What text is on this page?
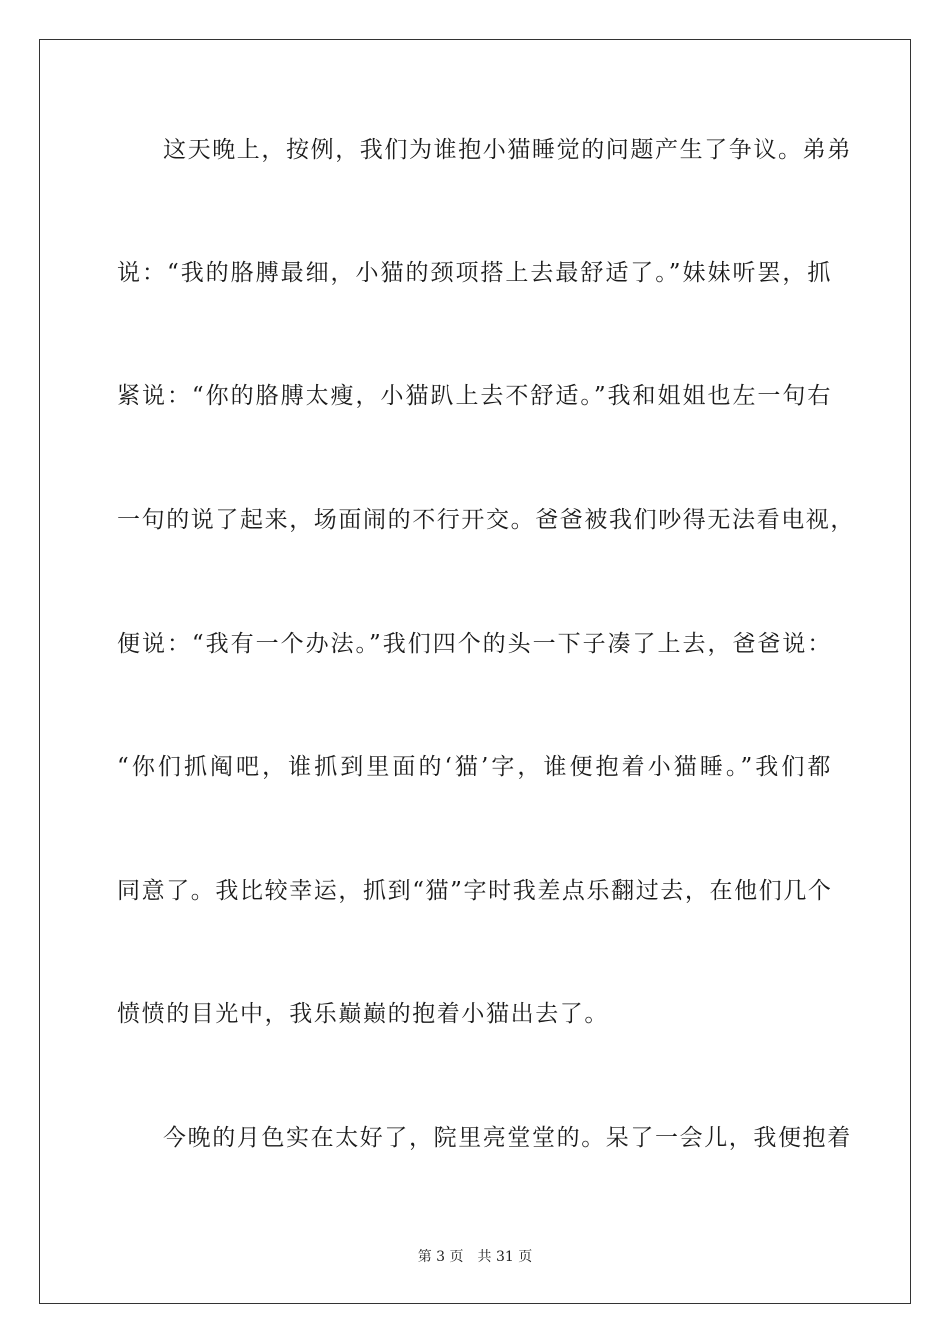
这天晚上，按例，我们为谁抱小猫睡觉的问题产生了争议。弟弟
说：“我的胳膊最细，小猫的颈项搭上去最舒适了。”妹妹听罢，抓
紧说：“你的胳膊太瘦，小猫趴上去不舒适。”我和姐姐也左一句右
一句的说了起来，场面闹的不行开交。爸爸被我们吵得无法看电视，
便说：“我有一个办法。”我们四个的头一下子凑了上去，爸爸说：
“你们抓阄吧，谁抓到里面的‘猫’字，谁便抱着小猫睡。”我们都
同意了。我比较幸运，抓到“猫”字时我差点乐翻过去，在他们几个
愤愤的目光中，我乐巅巅的抱着小猫出去了。
今晚的月色实在太好了，院里亮堂堂的。呆了一会儿，我便抱着
第 3 页 共 31 页
